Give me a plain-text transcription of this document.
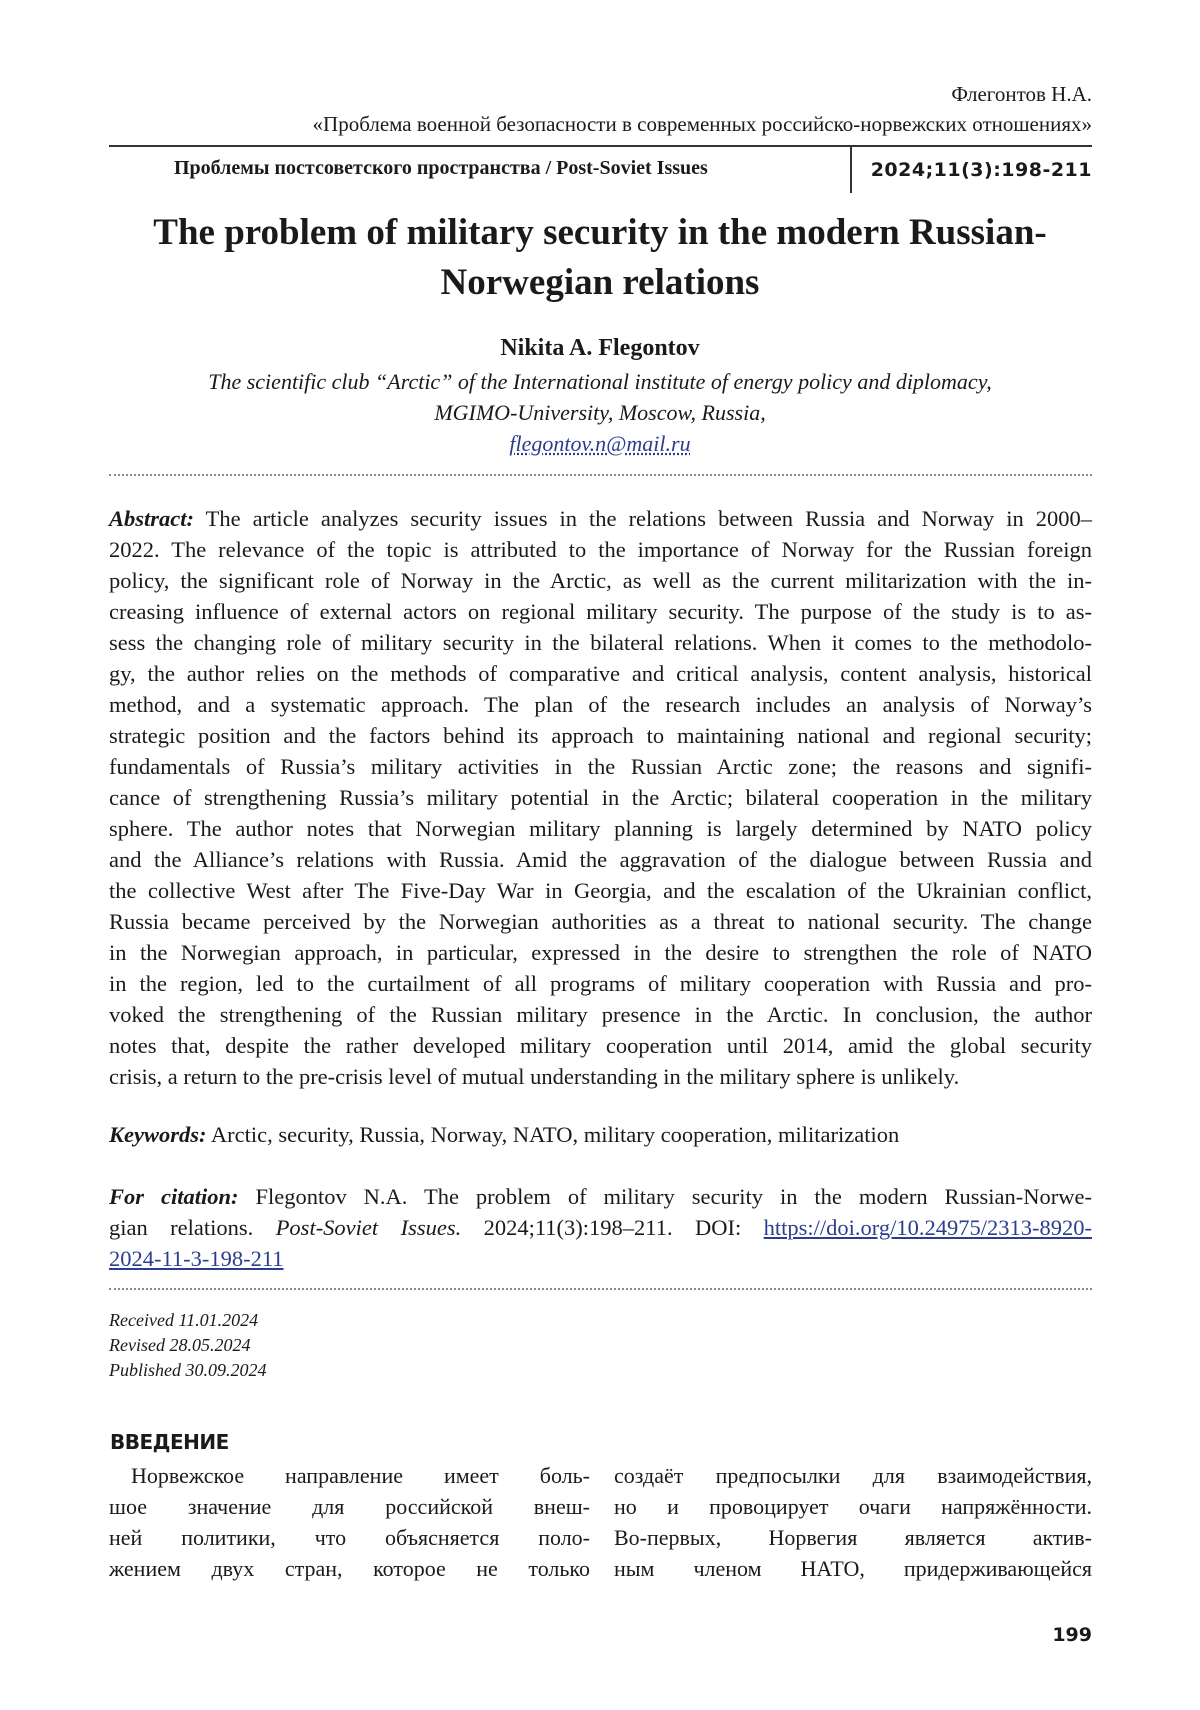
Флегонтов Н.А.
«Проблема военной безопасности в современных российско-норвежских отношениях»
Проблемы постсоветского пространства / Post-Soviet Issues	2024;11(3):198-211
The problem of military security in the modern Russian-
Norwegian relations
Nikita A. Flegontov
The scientific club “Arctic” of the International institute of energy policy and diplomacy,
MGIMO-University, Moscow, Russia,
flegontov.n@mail.ru
Abstract: The article analyzes security issues in the relations between Russia and Norway in 2000–
2022. The relevance of the topic is attributed to the importance of Norway for the Russian foreign
policy, the significant role of Norway in the Arctic, as well as the current militarization with the in-
creasing influence of external actors on regional military security. The purpose of the study is to as-
sess the changing role of military security in the bilateral relations. When it comes to the methodolo-
gy, the author relies on the methods of comparative and critical analysis, content analysis, historical
method, and a systematic approach. The plan of the research includes an analysis of Norway’s
strategic position and the factors behind its approach to maintaining national and regional security;
fundamentals of Russia’s military activities in the Russian Arctic zone; the reasons and signifi-
cance of strengthening Russia’s military potential in the Arctic; bilateral cooperation in the military
sphere. The author notes that Norwegian military planning is largely determined by NATO policy
and the Alliance’s relations with Russia. Amid the aggravation of the dialogue between Russia and
the collective West after The Five-Day War in Georgia, and the escalation of the Ukrainian conflict,
Russia became perceived by the Norwegian authorities as a threat to national security. The change
in the Norwegian approach, in particular, expressed in the desire to strengthen the role of NATO
in the region, led to the curtailment of all programs of military cooperation with Russia and pro-
voked the strengthening of the Russian military presence in the Arctic. In conclusion, the author
notes that, despite the rather developed military cooperation until 2014, amid the global security
crisis, a return to the pre-crisis level of mutual understanding in the military sphere is unlikely.
Keywords: Arctic, security, Russia, Norway, NATO, military cooperation, militarization
For citation: Flegontov N.A. The problem of military security in the modern Russian-Norwe-
gian relations. Post-Soviet Issues. 2024;11(3):198–211. DOI: https://doi.org/10.24975/2313-8920-
2024-11-3-198-211
Received 11.01.2024
Revised 28.05.2024
Published 30.09.2024
ВВЕДЕНИЕ
Норвежское направление имеет боль-
шое значение для российской внеш-
ней политики, что объясняется поло-
жением двух стран, которое не только
создаёт предпосылки для взаимодействия,
но и провоцирует очаги напряжённости.
Во-первых, Норвегия является актив-
ным членом НАТО, придерживающейся
199
